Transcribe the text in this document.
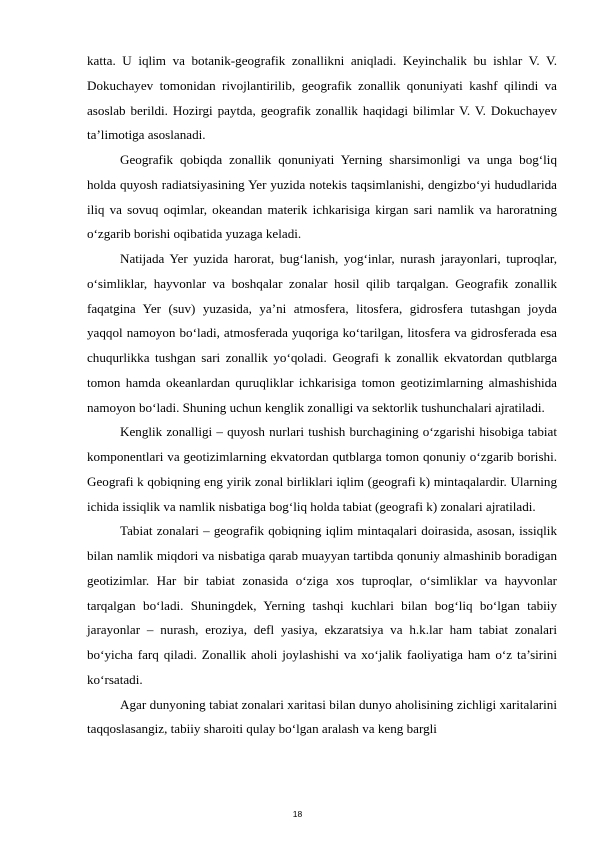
katta. U iqlim va botanik-geografik zonallikni aniqladi. Keyinchalik bu ishlar V. V. Dokuchayev tomonidan rivojlantirilib, geografik zonallik qonuniyati kashf qilindi va asoslab berildi. Hozirgi paytda, geografik zonallik haqidagi bilimlar V. V. Dokuchayev ta’limotiga asoslanadi.

Geografik qobiqda zonallik qonuniyati Yerning sharsimonligi va unga bog‘liq holda quyosh radiatsiyasining Yer yuzida notekis taqsimlanishi, dengizbo‘yi hududlarida iliq va sovuq oqimlar, okeandan materik ichkarisiga kirgan sari namlik va haroratning o‘zgarib borishi oqibatida yuzaga keladi.

Natijada Yer yuzida harorat, bug‘lanish, yog‘inlar, nurash jarayonlari, tuproqlar, o‘simliklar, hayvonlar va boshqalar zonalar hosil qilib tarqalgan. Geografik zonallik faqatgina Yer (suv) yuzasida, ya’ni atmosfera, litosfera, gidrosfera tutashgan joyda yaqqol namoyon bo‘ladi, atmosferada yuqoriga ko‘tarilgan, litosfera va gidrosferada esa chuqurlikka tushgan sari zonallik yo‘qoladi. Geografi k zonallik ekvatordan qutblarga tomon hamda okeanlardan quruqliklar ichkarisiga tomon geotizimlarning almashishida namoyon bo‘ladi. Shuning uchun kenglik zonalligi va sektorlik tushunchalari ajratiladi.

Kenglik zonalligi – quyosh nurlari tushish burchagining o‘zgarishi hisobiga tabiat komponentlari va geotizimlarning ekvatordan qutblarga tomon qonuniy o‘zgarib borishi. Geografi k qobiqning eng yirik zonal birliklari iqlim (geografi k) mintaqalardir. Ularning ichida issiqlik va namlik nisbatiga bog‘liq holda tabiat (geografi k) zonalari ajratiladi.

Tabiat zonalari – geografik qobiqning iqlim mintaqalari doirasida, asosan, issiqlik bilan namlik miqdori va nisbatiga qarab muayyan tartibda qonuniy almashinib boradigan geotizimlar. Har bir tabiat zonasida o‘ziga xos tuproqlar, o‘simliklar va hayvonlar tarqalgan bo‘ladi. Shuningdek, Yerning tashqi kuchlari bilan bog‘liq bo‘lgan tabiiy jarayonlar – nurash, eroziya, defl yasiya, ekzaratsiya va h.k.lar ham tabiat zonalari bo‘yicha farq qiladi. Zonallik aholi joylashishi va xo‘jalik faoliyatiga ham o‘z ta’sirini ko‘rsatadi.

Agar dunyoning tabiat zonalari xaritasi bilan dunyo aholisining zichligi xaritalarini taqqoslasangiz, tabiiy sharoiti qulay bo‘lgan aralash va keng bargli

18
